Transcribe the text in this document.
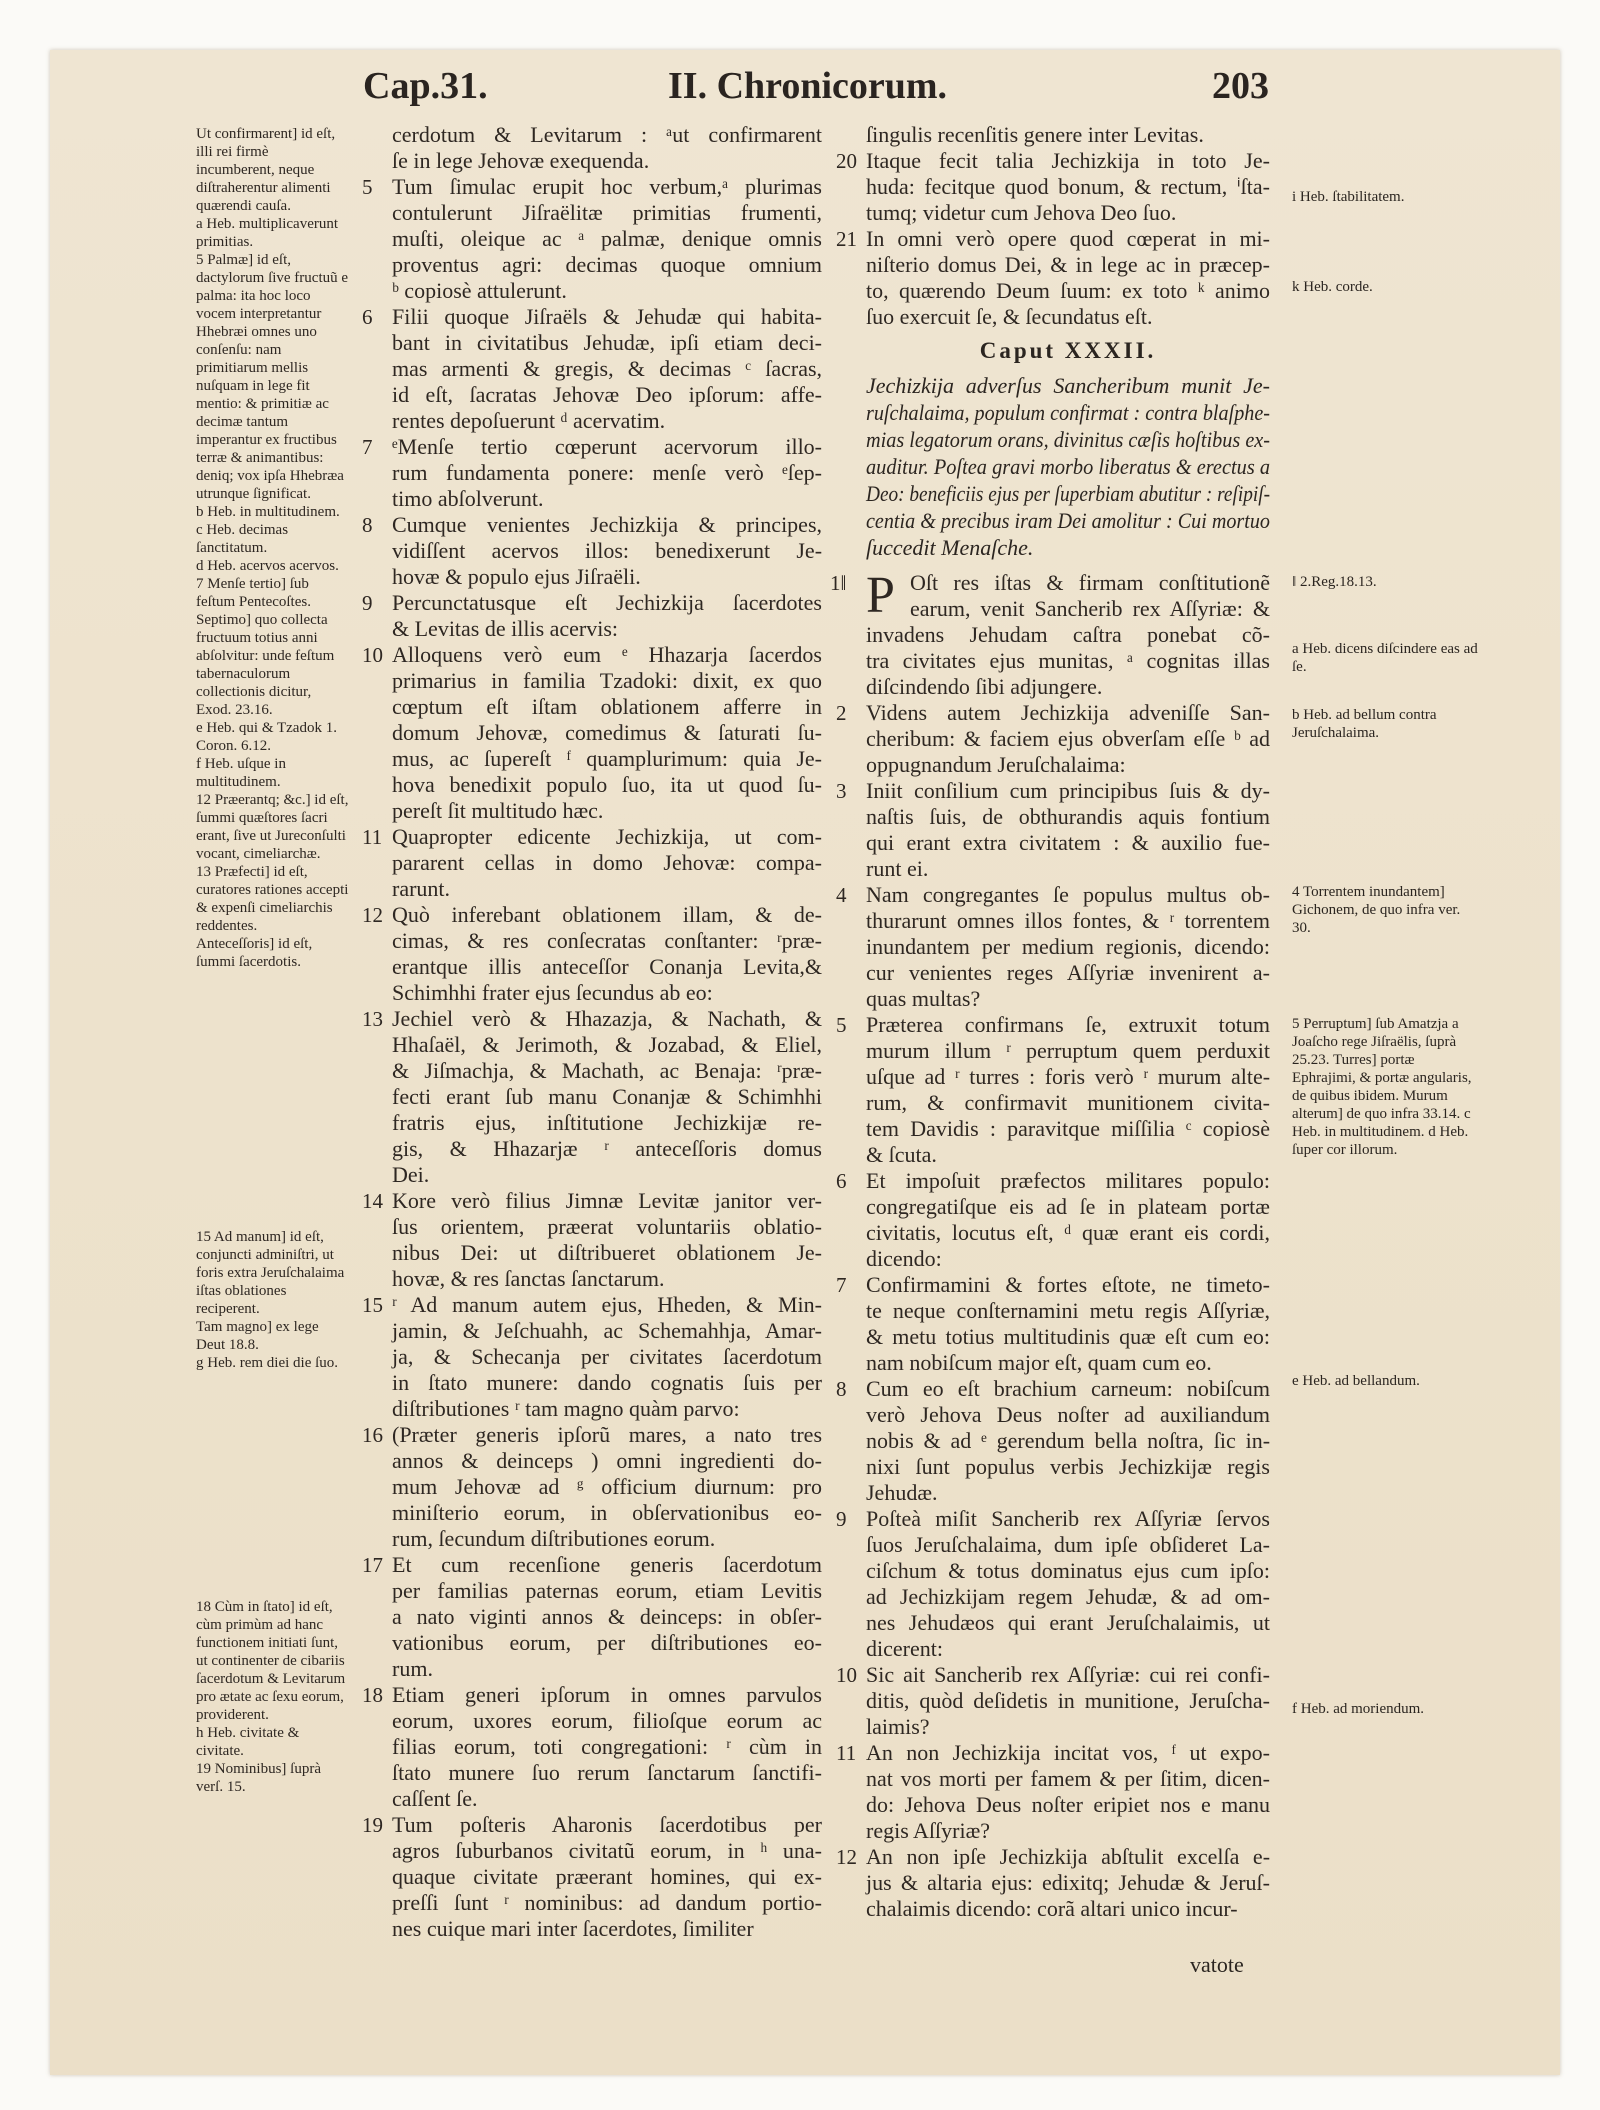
Cap.31.	II. Chronicorum.	203
cerdotum & Levitarum : ᵃut confirmarent
ſe in lege Jehovæ exequenda.
5 Tum ſimulac erupit hoc verbum,ᵃ plurimas
contulerunt Jiſraëlitæ primitias frumenti,
muſti, oleique ac ᵃ palmæ, denique omnis
proventus agri: decimas quoque omnium
ᵇ copiosè attulerunt.
6 Filii quoque Jiſraëls & Jehudæ qui habita-
bant in civitatibus Jehudæ, ipſi etiam deci-
mas armenti & gregis, & decimas ᶜ ſacras,
id eſt, ſacratas Jehovæ Deo ipſorum: affe-
rentes depoſuerunt ᵈ acervatim.
7 ᵉMenſe tertio cœperunt acervorum illo-
rum fundamenta ponere: menſe verò ᵉſep-
timo abſolverunt.
8 Cumque venientes Jechizkija & principes,
vidiſſent acervos illos: benedixerunt Je-
hovæ & populo ejus Jiſraëli.
9 Percunctatusque eſt Jechizkija ſacerdotes
& Levitas de illis acervis:
10 Alloquens verò eum ᵉ Hhazarja ſacerdos
primarius in familia Tzadoki: dixit, ex quo
cœptum eſt iſtam oblationem afferre in
domum Jehovæ, comedimus & ſaturati ſu-
mus, ac ſupereſt ᶠ quamplurimum: quia Je-
hova benedixit populo ſuo, ita ut quod ſu-
pereſt ſit multitudo hæc.
11 Quapropter edicente Jechizkija, ut com-
pararent cellas in domo Jehovæ: compa-
rarunt.
12 Quò inferebant oblationem illam, & de-
cimas, & res conſecratas conſtanter: ʳpræ-
erantque illis anteceſſor Conanja Levita,&
Schimhhi frater ejus ſecundus ab eo:
13 Jechiel verò & Hhazazja, & Nachath, &
Hhaſaël, & Jerimoth, & Jozabad, & Eliel,
& Jiſmachja, & Machath, ac Benaja: ʳpræ-
fecti erant ſub manu Conanjæ & Schimhhi
fratris ejus, inſtitutione Jechizkijæ re-
gis, & Hhazarjæ ʳ anteceſſoris domus
Dei.
14 Kore verò filius Jimnæ Levitæ janitor ver-
ſus orientem, præerat voluntariis oblatio-
nibus Dei: ut diſtribueret oblationem Je-
hovæ, & res ſanctas ſanctarum.
15 ʳ Ad manum autem ejus, Hheden, & Min-
jamin, & Jeſchuahh, ac Schemahhja, Amar-
ja, & Schecanja per civitates ſacerdotum
in ſtato munere: dando cognatis ſuis per
diſtributiones ʳ tam magno quàm parvo:
16 (Præter generis ipſorũ mares, a nato tres
annos & deinceps ) omni ingredienti do-
mum Jehovæ ad ᵍ officium diurnum: pro
miniſterio eorum, in obſervationibus eo-
rum, ſecundum diſtributiones eorum.
17 Et cum recenſione generis ſacerdotum
per familias paternas eorum, etiam Levitis
a nato viginti annos & deinceps: in obſer-
vationibus eorum, per diſtributiones eo-
rum.
18 Etiam generi ipſorum in omnes parvulos
eorum, uxores eorum, filioſque eorum ac
filias eorum, toti congregationi: ʳ cùm in
ſtato munere ſuo rerum ſanctarum ſanctifi-
caſſent ſe.
19 Tum poſteris Aharonis ſacerdotibus per
agros ſuburbanos civitatũ eorum, in ʰ una-
quaque civitate præerant homines, qui ex-
preſſi ſunt ʳ nominibus: ad dandum portio-
nes cuique mari inter ſacerdotes, ſimiliter
ſingulis recenſitis genere inter Levitas.
20 Itaque fecit talia Jechizkija in toto Je-
huda: fecitque quod bonum, & rectum, ⁱſta-
tumq; videtur cum Jehova Deo ſuo.
21 In omni verò opere quod cœperat in mi-
niſterio domus Dei, & in lege ac in præcep-
to, quærendo Deum ſuum: ex toto ᵏ animo
ſuo exercuit ſe, & ſecundatus eſt.
Caput XXXII.
Jechizkija adverſus Sancheribum munit Je-
ruſchalaima, populum confirmat : contra blaſphe-
mias legatorum orans, divinitus cæſis hoſtibus ex-
auditur. Poſtea gravi morbo liberatus & erectus a
Deo: beneficiis ejus per ſuperbiam abutitur : reſipiſ-
centia & precibus iram Dei amolitur : Cui mortuo
ſuccedit Menaſche.
1‖	Oſt res iſtas & firmam conſtitutionẽ
earum, venit Sancherib rex Aſſyriæ: &
invadens Jehudam caſtra ponebat cõ-
tra civitates ejus munitas, ᵃ cognitas illas
diſcindendo ſibi adjungere.
2 Videns autem Jechizkija adveniſſe San-
cheribum: & faciem ejus obverſam eſſe ᵇ ad
oppugnandum Jeruſchalaima:
3 Iniit conſilium cum principibus ſuis & dy-
naſtis ſuis, de obthurandis aquis fontium
qui erant extra civitatem : & auxilio fue-
runt ei.
4 Nam congregantes ſe populus multus ob-
thurarunt omnes illos fontes, & ʳ torrentem
inundantem per medium regionis, dicendo:
cur venientes reges Aſſyriæ invenirent a-
quas multas?
5 Præterea confirmans ſe, extruxit totum
murum illum ʳ perruptum quem perduxit
uſque ad ʳ turres : foris verò ʳ murum alte-
rum, & confirmavit munitionem civita-
tem Davidis : paravitque miſſilia ᶜ copiosè
& ſcuta.
6 Et impoſuit præfectos militares populo:
congregatiſque eis ad ſe in plateam portæ
civitatis, locutus eſt, ᵈ quæ erant eis cordi,
dicendo:
7 Confirmamini & fortes eſtote, ne timeto-
te neque conſternamini metu regis Aſſyriæ,
& metu totius multitudinis quæ eſt cum eo:
nam nobiſcum major eſt, quam cum eo.
8 Cum eo eſt brachium carneum: nobiſcum
verò Jehova Deus noſter ad auxiliandum
nobis & ad ᵉ gerendum bella noſtra, ſic in-
nixi ſunt populus verbis Jechizkijæ regis
Jehudæ.
9 Poſteà miſit Sancherib rex Aſſyriæ ſervos
ſuos Jeruſchalaima, dum ipſe obſideret La-
ciſchum & totus dominatus ejus cum ipſo:
ad Jechizkijam regem Jehudæ, & ad om-
nes Jehudæos qui erant Jeruſchalaimis, ut
dicerent:
10 Sic ait Sancherib rex Aſſyriæ: cui rei confi-
ditis, quòd deſidetis in munitione, Jeruſcha-
laimis?
11 An non Jechizkija incitat vos, ᶠ ut expo-
nat vos morti per famem & per ſitim, dicen-
do: Jehova Deus noſter eripiet nos e manu
regis Aſſyriæ?
12 An non ipſe Jechizkija abſtulit excelſa e-
jus & altaria ejus: edixitq; Jehudæ & Jeruſ-
chalaimis dicendo: corã altari unico incur-
P
vatote
Ut confirmarent] id eſt, illi rei firmè incumberent, neque diſtraherentur alimenti quærendi cauſa.
a Heb. multiplicaverunt primitias.
5 Palmæ] id eſt, dactylorum ſive fructuũ e palma: ita hoc loco vocem interpretantur Hhebræi omnes uno conſenſu: nam primitiarum mellis nuſquam in lege fit mentio: & primitiæ ac decimæ tantum imperantur ex fructibus terræ & animantibus: deniq; vox ipſa Hhebræa utrunque ſignificat.
b Heb. in multitudinem.
c Heb. decimas ſanctitatum.
d Heb. acervos acervos.
7 Menſe tertio] ſub feſtum Pentecoſtes. Septimo] quo collecta fructuum totius anni abſolvitur: unde feſtum tabernaculorum collectionis dicitur, Exod. 23.16.
e Heb. qui & Tzadok 1. Coron. 6.12.
f Heb. uſque in multitudinem.
12 Præerantq; &c.] id eſt, ſummi quæſtores ſacri erant, ſive ut Jureconſulti vocant, cimeliarchæ.
13 Præfecti] id eſt, curatores rationes accepti & expenſi cimeliarchis reddentes.
Anteceſſoris] id eſt, ſummi ſacerdotis.
15 Ad manum] id eſt, conjuncti adminiſtri, ut foris extra Jeruſchalaima iſtas oblationes reciperent.
Tam magno] ex lege Deut 18.8.
g Heb. rem diei die ſuo.
18 Cùm in ſtato] id eſt, cùm primùm ad hanc functionem initiati ſunt, ut continenter de cibariis ſacerdotum & Levitarum pro ætate ac ſexu eorum, providerent.
h Heb. civitate & civitate.
19 Nominibus] ſuprà verſ. 15.
i Heb. ſtabilitatem.
k Heb. corde.
‖ 2.Reg.18.13.
a Heb. dicens diſcindere eas ad ſe.
b Heb. ad bellum contra Jeruſchalaima.
4 Torrentem inundantem] Gichonem, de quo infra ver. 30.
5 Perruptum] ſub Amatzja a Joaſcho rege Jiſraëlis, ſuprà 25.23. Turres] portæ Ephrajimi, & portæ angularis, de quibus ibidem. Murum alterum] de quo infra 33.14. c Heb. in multitudinem. d Heb. ſuper cor illorum.
e Heb. ad bellandum.
f Heb. ad moriendum.
